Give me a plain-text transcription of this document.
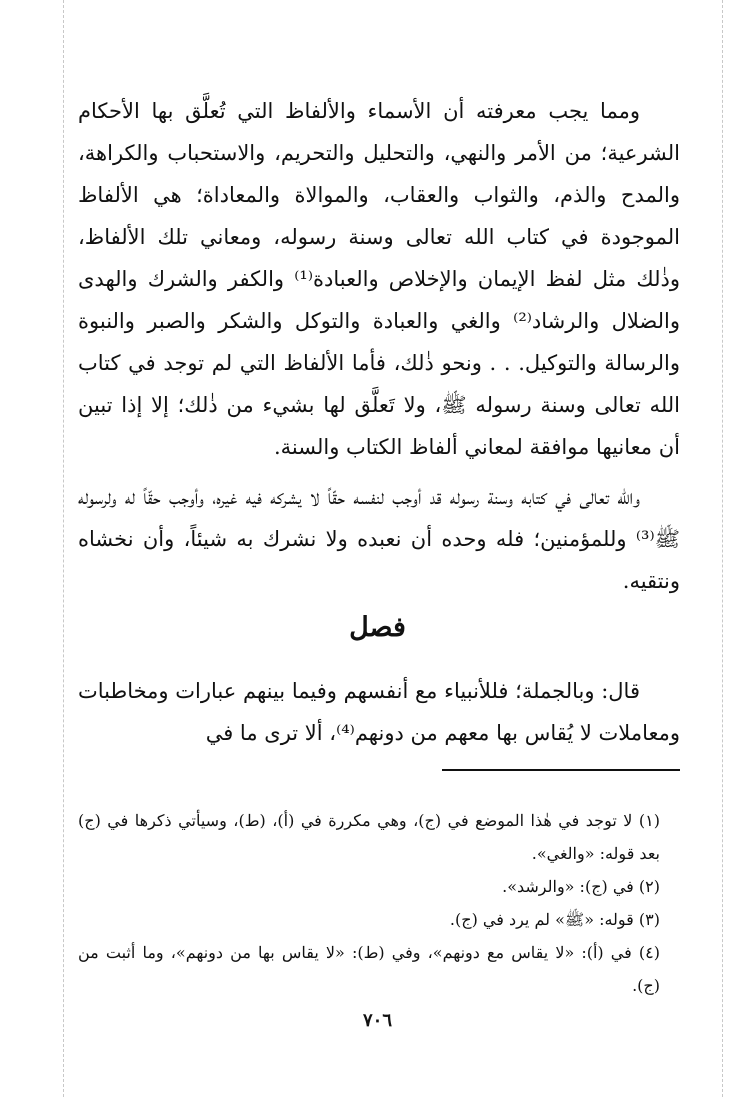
ومما يجب معرفته أن الأسماء والألفاظ التي تُعلَّق بها الأحكام الشرعية؛ من الأمر والنهي، والتحليل والتحريم، والاستحباب والكراهة، والمدح والذم، والثواب والعقاب، والموالاة والمعاداة؛ هي الألفاظ الموجودة في كتاب الله تعالى وسنة رسوله، ومعاني تلك الألفاظ، وذٰلك مثل لفظ الإيمان والإخلاص والعبادة⁽¹⁾ والكفر والشرك والهدى والضلال والرشاد⁽²⁾ والغي والعبادة والتوكل والشكر والصبر والنبوة والرسالة والتوكيل. . . ونحو ذٰلك، فأما الألفاظ التي لم توجد في كتاب الله تعالى وسنة رسوله ﷺ، ولا تَعلَّق لها بشيء من ذٰلك؛ إلا إذا تبين أن معانيها موافقة لمعاني ألفاظ الكتاب والسنة.
والله تعالى في كتابه وسنة رسوله قد أوجب لنفسه حقّاً لا يشركه فيه غيره، وأوجب حقّاً له ولرسوله ﷺ⁽³⁾ وللمؤمنين؛ فله وحده أن نعبده ولا نشرك به شيئاً، وأن نخشاه ونتقيه.
فصل
قال: وبالجملة؛ فللأنبياء مع أنفسهم وفيما بينهم عبارات ومخاطبات ومعاملات لا يُقاس بها معهم من دونهم⁽⁴⁾، ألا ترى ما في
(١) لا توجد في هٰذا الموضع في (ج)، وهي مكررة في (أ)، (ط)، وسيأتي ذكرها في (ج) بعد قوله: «والغي».
(٢) في (ج): «والرشد».
(٣) قوله: «ﷺ» لم يرد في (ج).
(٤) في (أ): «لا يقاس مع دونهم»، وفي (ط): «لا يقاس بها من دونهم»، وما أثبت من (ج).
٧٠٦
